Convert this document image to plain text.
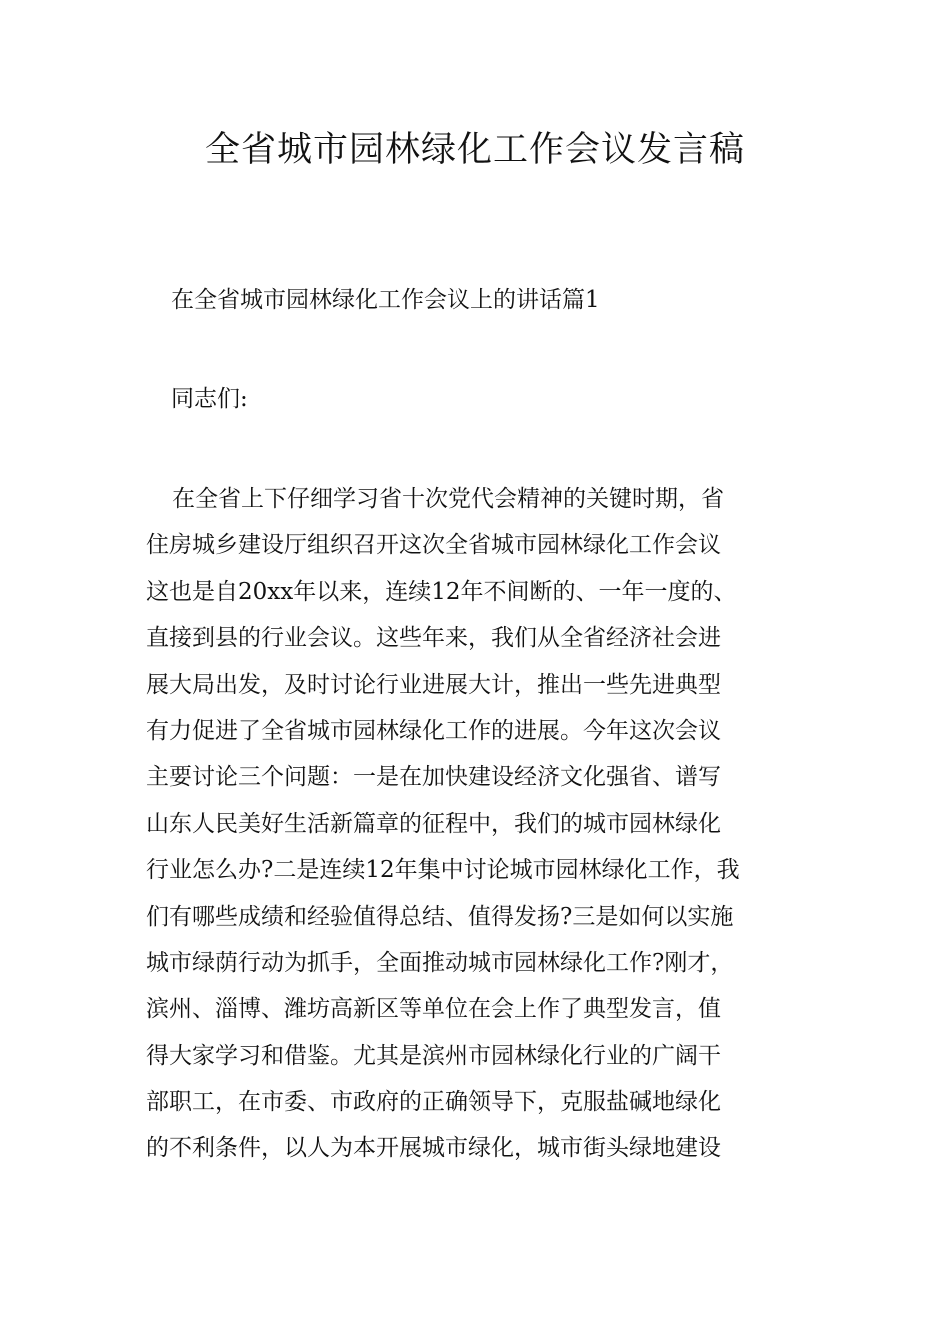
全省城市园林绿化工作会议发言稿

在全省城市园林绿化工作会议上的讲话篇1

同志们:

在全省上下仔细学习省十次党代会精神的关键时期，省
住房城乡建设厅组织召开这次全省城市园林绿化工作会议
这也是自20xx年以来，连续12年不间断的、一年一度的、
直接到县的行业会议。这些年来，我们从全省经济社会进
展大局出发，及时讨论行业进展大计，推出一些先进典型
有力促进了全省城市园林绿化工作的进展。今年这次会议
主要讨论三个问题：一是在加快建设经济文化强省、谱写
山东人民美好生活新篇章的征程中，我们的城市园林绿化
行业怎么办?二是连续12年集中讨论城市园林绿化工作，我
们有哪些成绩和经验值得总结、值得发扬?三是如何以实施
城市绿荫行动为抓手，全面推动城市园林绿化工作?刚才，
滨州、淄博、潍坊高新区等单位在会上作了典型发言，值
得大家学习和借鉴。尤其是滨州市园林绿化行业的广阔干
部职工，在市委、市政府的正确领导下，克服盐碱地绿化
的不利条件，以人为本开展城市绿化，城市街头绿地建设
